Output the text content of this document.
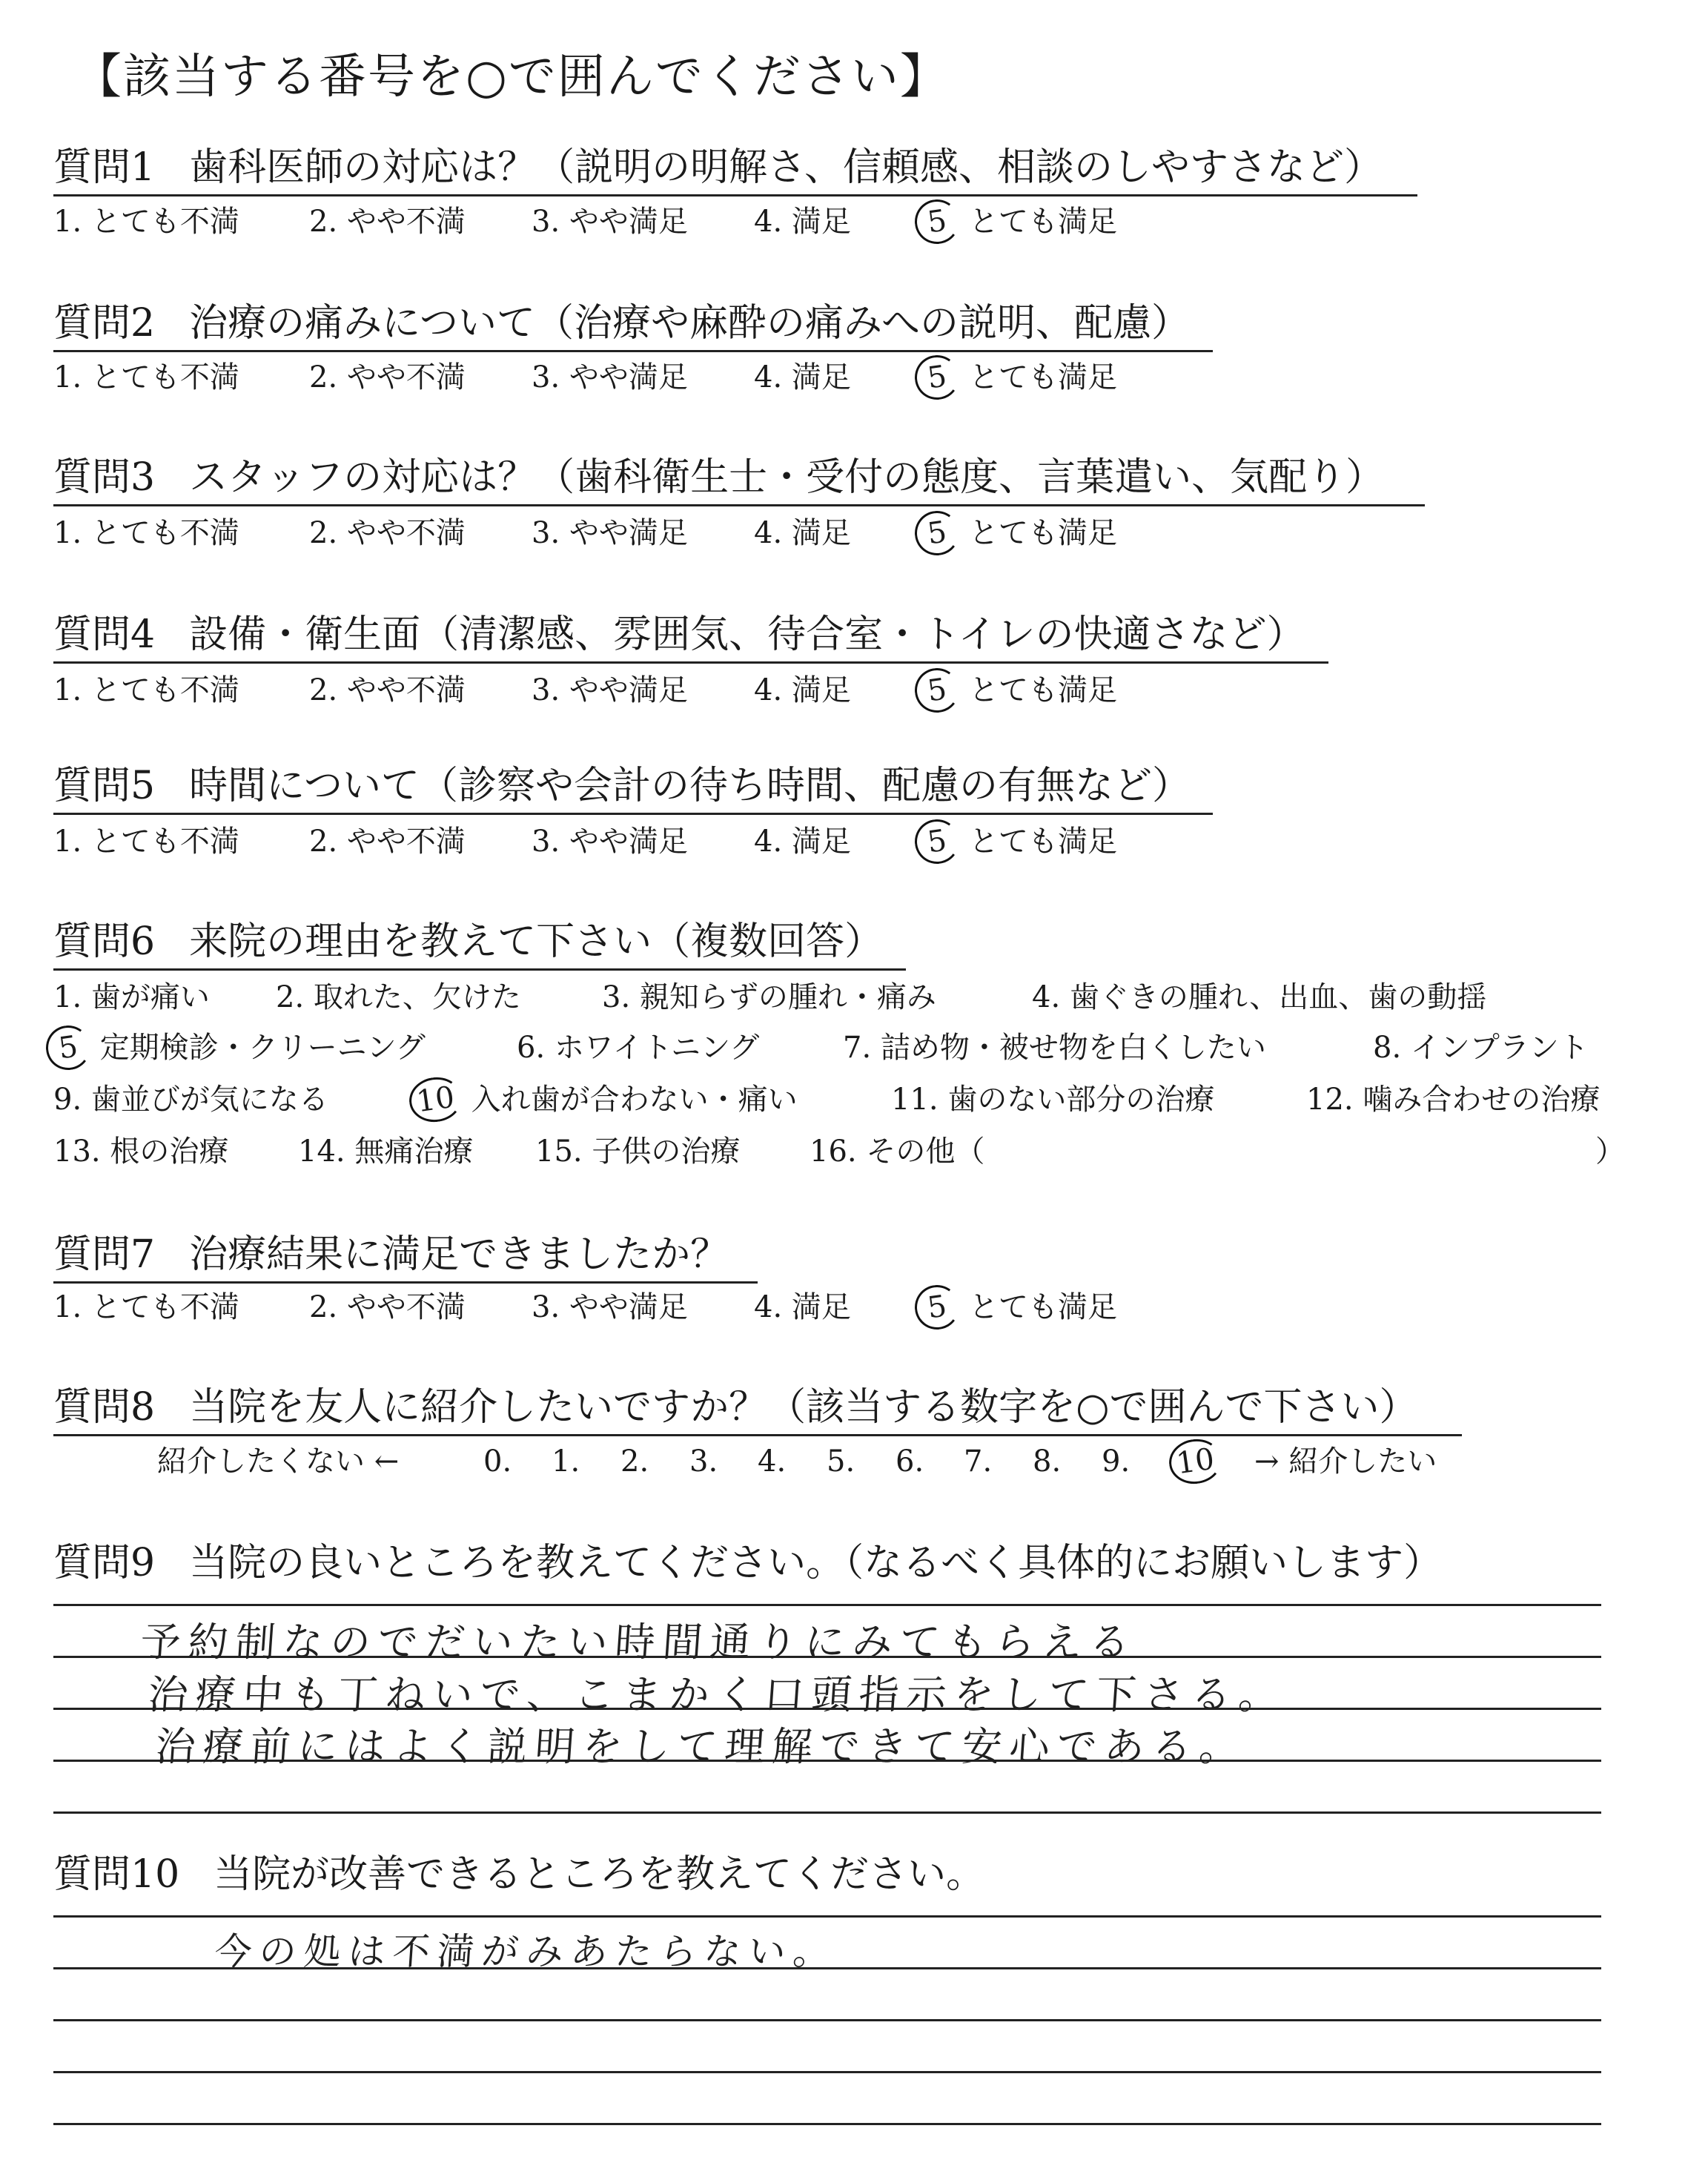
【該当する番号を○で囲んでください】
質問1 歯科医師の対応は？（説明の明解さ、信頼感、相談のしやすさなど）
1. とても不満 2. やや不満 3. やや満足 4. 満足	5 とても満足
質問2 治療の痛みについて（治療や麻酔の痛みへの説明、配慮）
1. とても不満 2. やや不満 3. やや満足 4. 満足	5 とても満足
質問3 スタッフの対応は？（歯科衛生士・受付の態度、言葉遣い、気配り）
1. とても不満 2. やや不満 3. やや満足 4. 満足	5 とても満足
質問4 設備・衛生面（清潔感、雰囲気、待合室・トイレの快適さなど）
1. とても不満 2. やや不満 3. やや満足 4. 満足	5 とても満足
質問5 時間について（診察や会計の待ち時間、配慮の有無など）
1. とても不満 2. やや不満 3. やや満足 4. 満足	5 とても満足
質問6 来院の理由を教えて下さい（複数回答）
1. 歯が痛い 2. 取れた、欠けた	3. 親知らずの腫れ・痛み	4. 歯ぐきの腫れ、出血、歯の動揺
5 定期検診・クリーニング	6. ホワイトニング	7. 詰め物・被せ物を白くしたい	8. インプラント
9. 歯並びが気になる	10 入れ歯が合わない・痛い	11. 歯のない部分の治療	12. 噛み合わせの治療
13. 根の治療 14. 無痛治療 15. 子供の治療 16. その他（	）
質問7 治療結果に満足できましたか？
1. とても不満 2. やや不満 3. やや満足 4. 満足	5 とても満足
質問8 当院を友人に紹介したいですか？（該当する数字を○で囲んで下さい）
紹介したくない ←	0. 1. 2. 3. 4. 5. 6. 7. 8. 9. 10 → 紹介したい
質問9 当院の良いところを教えてください。（なるべく具体的にお願いします）
予約制なのでだいたい時間通りにみてもらえる
治療中も丁ねいで、こまかく口頭指示をして下さる。
治療前にはよく説明をして理解できて安心である。
質問10 当院が改善できるところを教えてください。
今の処は不満がみあたらない。
